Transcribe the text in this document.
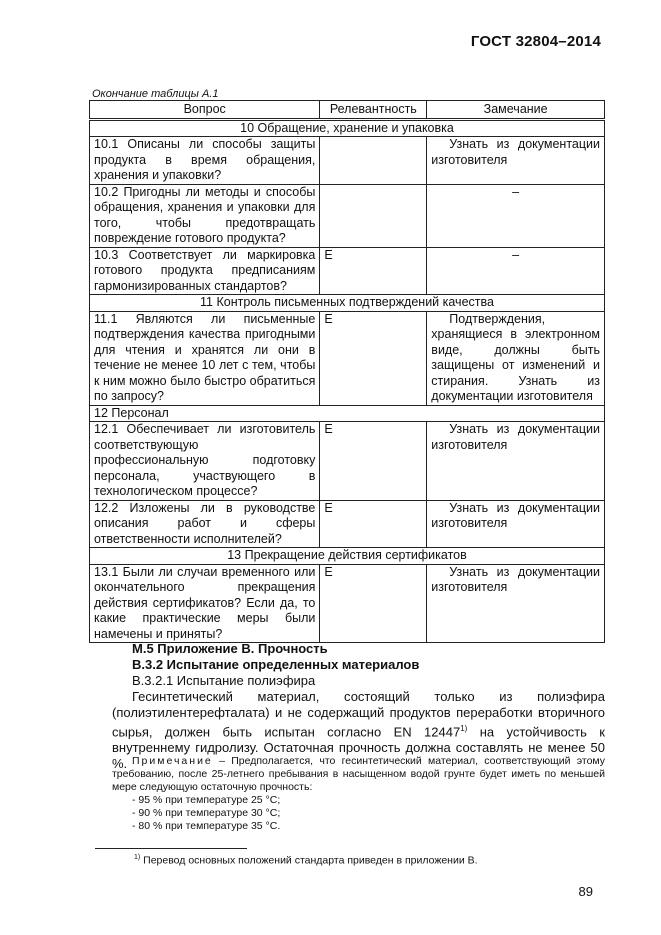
ГОСТ 32804–2014
Окончание таблицы А.1
Вопрос	Релевантность	Замечание
10 Обращение, хранение и упаковка		
10.1 Описаны ли способы защиты продукта в время обращения, хранения и упаковки?		Узнать из документации изготовителя
10.2 Пригодны ли методы и способы обращения, хранения и упаковки для того, чтобы предотвращать повреждение готового продукта?		–
10.3 Соответствует ли маркировка готового продукта предписаниям гармонизированных стандартов?	Е	–
11 Контроль письменных подтверждений качества		
11.1 Являются ли письменные подтверждения качества пригодными для чтения и хранятся ли они в течение не менее 10 лет с тем, чтобы к ним можно было быстро обратиться по запросу?	Е	Подтверждения, хранящиеся в электронном виде, должны быть защищены от изменений и стирания. Узнать из документации изготовителя
12 Персонал		
12.1 Обеспечивает ли изготовитель соответствующую профессиональную подготовку персонала, участвующего в технологическом процессе?	Е	Узнать из документации изготовителя
12.2 Изложены ли в руководстве описания работ и сферы ответственности исполнителей?	Е	Узнать из документации изготовителя
13 Прекращение действия сертификатов		
13.1 Были ли случаи временного или окончательного прекращения действия сертификатов? Если да, то какие практические меры были намечены и приняты?	Е	Узнать из документации изготовителя
М.5 Приложение В. Прочность
В.3.2 Испытание определенных материалов
В.3.2.1 Испытание полиэфира
Гесинтетический материал, состоящий только из полиэфира (полиэтилентерефталата) и не содержащий продуктов переработки вторичного сырья, должен быть испытан согласно EN 12447$^{1)}$ на устойчивость к внутреннему гидролизу. Остаточная прочность должна составлять не менее 50 %. Примечание – Предполагается, что гесинтетический материал, соответствующий этому требованию, после 25-летнего пребывания в насыщенном водой грунте будет иметь по меньшей мере следующую остаточную прочность:
- 95 % при температуре 25 °С;
- 90 % при температуре 30 °С;
- 80 % при температуре 35 °С.
$^{1)}$ Перевод основных положений стандарта приведен в приложении В.
89
